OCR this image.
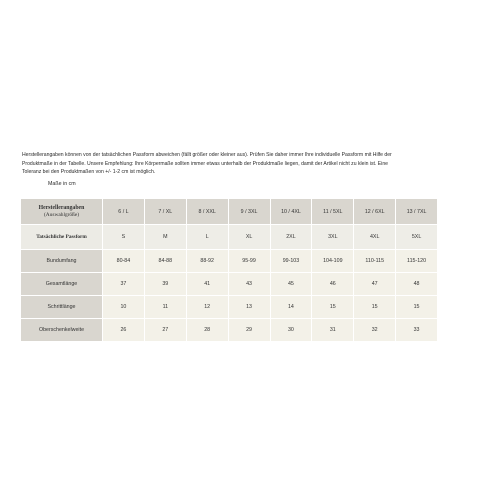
Herstellerangaben können von der tatsächlichen Passform abweichen (fällt größer oder kleiner aus). Prüfen Sie daher immer Ihre individuelle Passform mit Hilfe der Produktmaße in der Tabelle. Unsere Empfehlung: Ihre Körpermaße sollten immer etwas unterhalb der Produktmaße liegen, damit der Artikel nicht zu klein ist. Eine Toleranz bei den Produktmaßen von +/- 1-2 cm ist möglich.
Maße in cm
Herstellerangaben
(Auswahlgröße)	6 / L	7 / XL	8 / XXL	9 / 3XL	10 / 4XL	11 / 5XL	12 / 6XL	13 / 7XL
Tatsächliche Passform	S	M	L	XL	2XL	3XL	4XL	5XL
Bundumfang	80-84	84-88	88-92	95-99	99-103	104-109	110-115	115-120
Gesamtlänge	37	39	41	43	45	46	47	48
Schrittlänge	10	11	12	13	14	15	15	15
Oberschenkelweite	26	27	28	29	30	31	32	33
